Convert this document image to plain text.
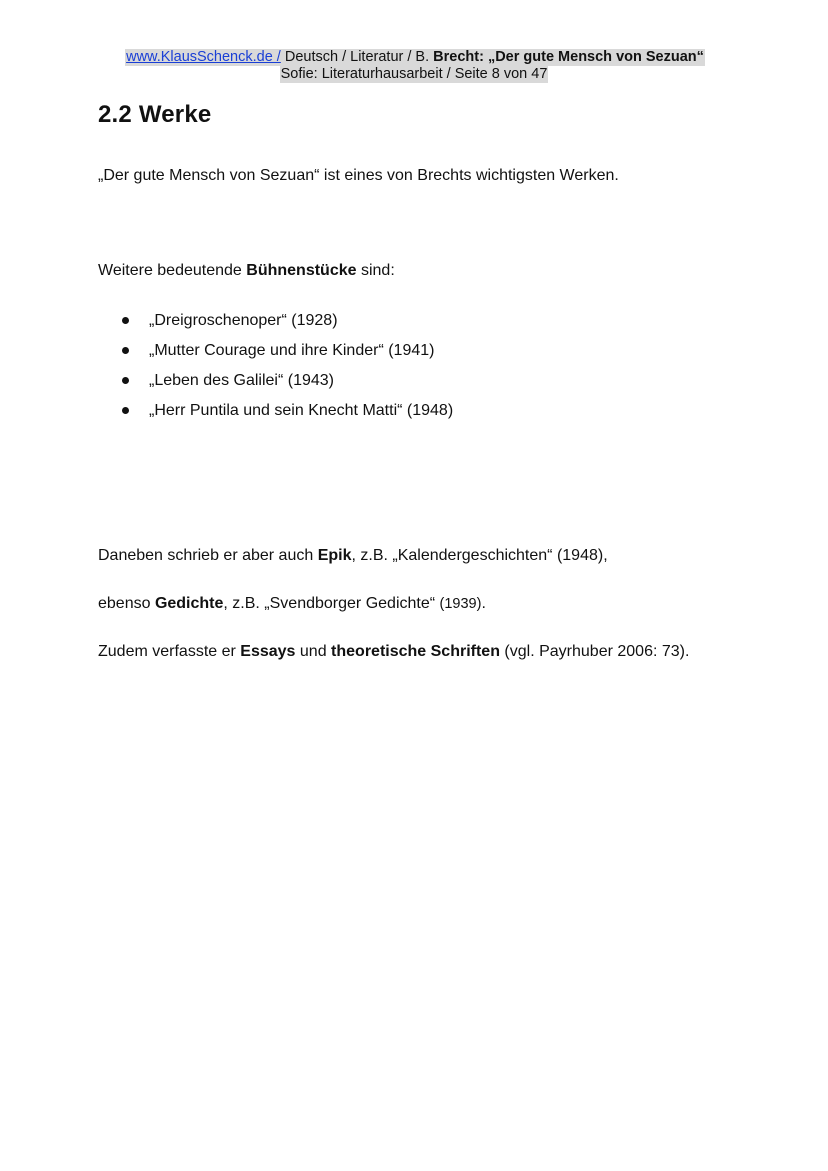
www.KlausSchenck.de / Deutsch / Literatur / B. Brecht: „Der gute Mensch von Sezuan“
Sofie: Literaturhausarbeit / Seite 8 von 47
2.2 Werke

„Der gute Mensch von Sezuan“ ist eines von Brechts wichtigsten Werken.

Weitere bedeutende Bühnenstücke sind:

„Dreigroschenoper“ (1928)
„Mutter Courage und ihre Kinder“ (1941)
„Leben des Galilei“ (1943)
„Herr Puntila und sein Knecht Matti“ (1948)

Daneben schrieb er aber auch Epik, z.B. „Kalendergeschichten“ (1948),

ebenso Gedichte, z.B. „Svendborger Gedichte“ (1939).

Zudem verfasste er Essays und theoretische Schriften (vgl. Payrhuber 2006: 73).
